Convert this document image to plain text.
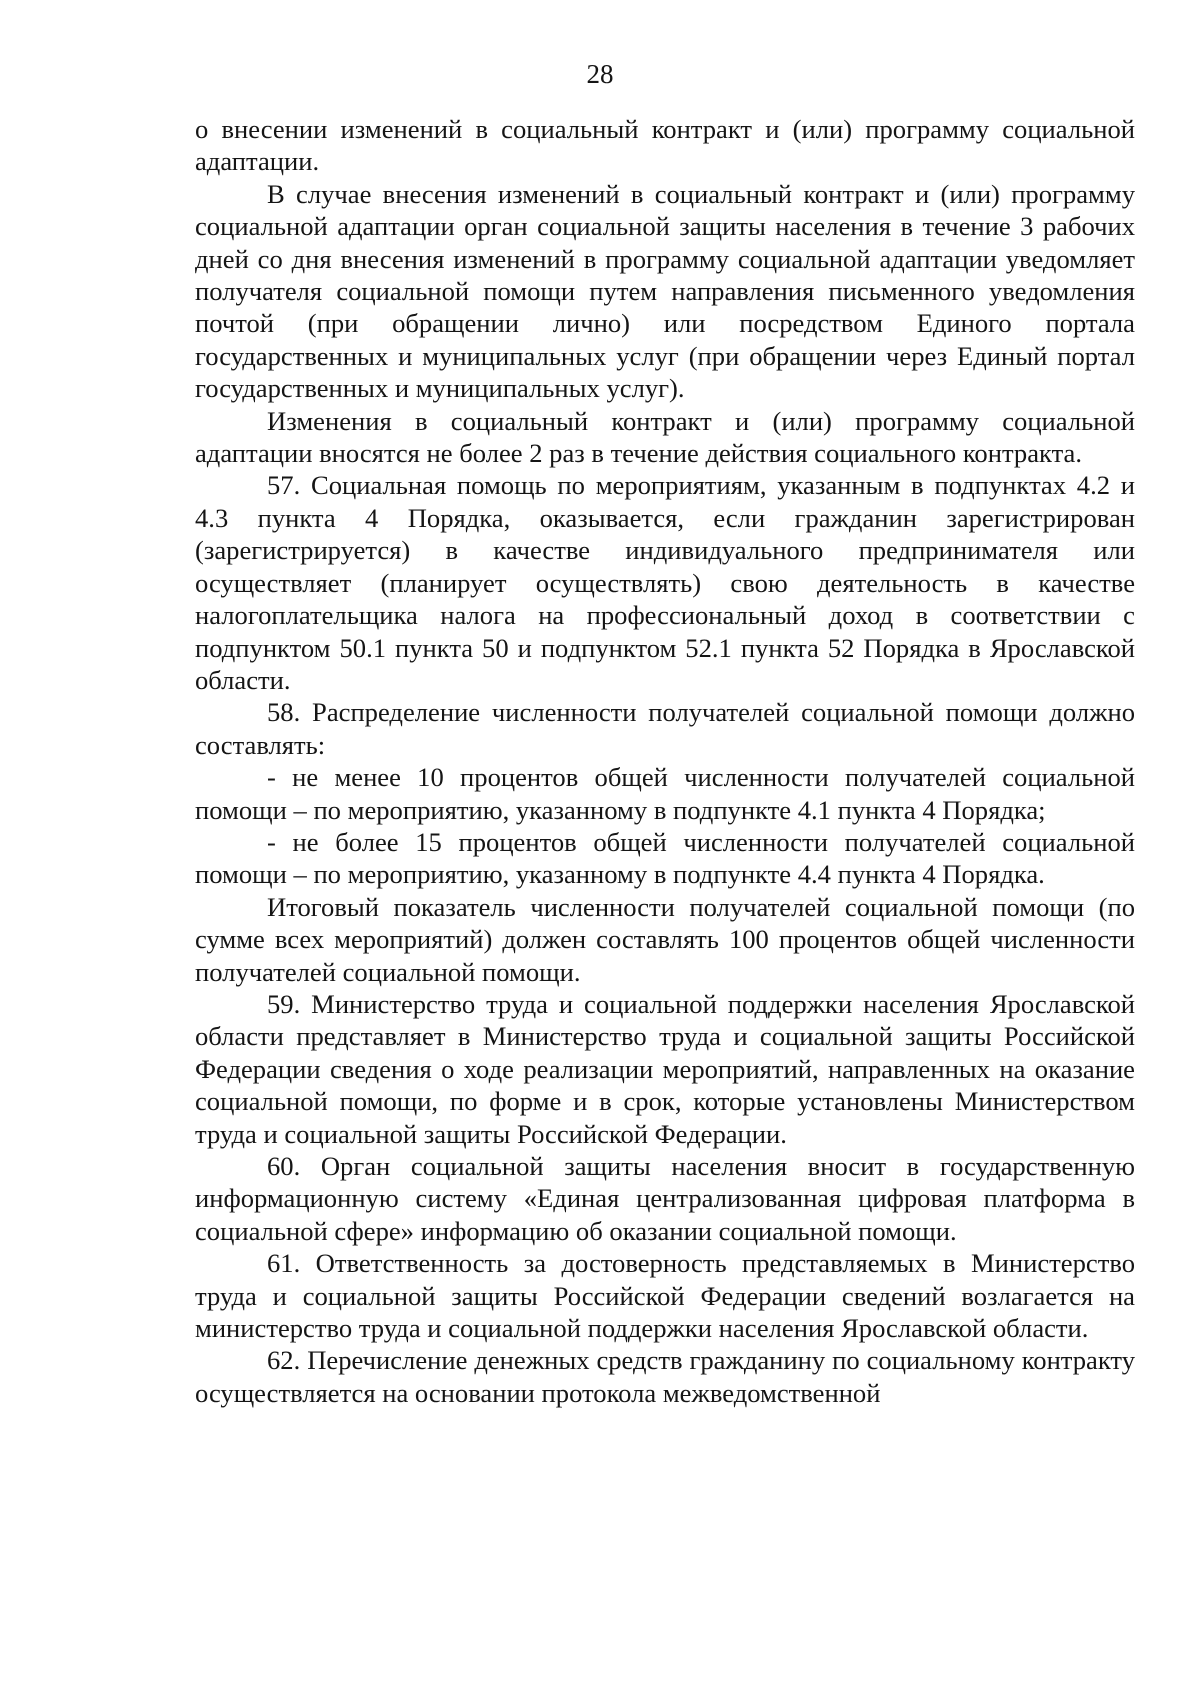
28

о внесении изменений в социальный контракт и (или) программу социальной адаптации.

В случае внесения изменений в социальный контракт и (или) программу социальной адаптации орган социальной защиты населения в течение 3 рабочих дней со дня внесения изменений в программу социальной адаптации уведомляет получателя социальной помощи путем направления письменного уведомления почтой (при обращении лично) или посредством Единого портала государственных и муниципальных услуг (при обращении через Единый портал государственных и муниципальных услуг).

Изменения в социальный контракт и (или) программу социальной адаптации вносятся не более 2 раз в течение действия социального контракта.

57. Социальная помощь по мероприятиям, указанным в подпунктах 4.2 и 4.3 пункта 4 Порядка, оказывается, если гражданин зарегистрирован (зарегистрируется) в качестве индивидуального предпринимателя или осуществляет (планирует осуществлять) свою деятельность в качестве налогоплательщика налога на профессиональный доход в соответствии с подпунктом 50.1 пункта 50 и подпунктом 52.1 пункта 52 Порядка в Ярославской области.

58. Распределение численности получателей социальной помощи должно составлять:

- не менее 10 процентов общей численности получателей социальной помощи – по мероприятию, указанному в подпункте 4.1 пункта 4 Порядка;

- не более 15 процентов общей численности получателей социальной помощи – по мероприятию, указанному в подпункте 4.4 пункта 4 Порядка.

Итоговый показатель численности получателей социальной помощи (по сумме всех мероприятий) должен составлять 100 процентов общей численности получателей социальной помощи.

59. Министерство труда и социальной поддержки населения Ярославской области представляет в Министерство труда и социальной защиты Российской Федерации сведения о ходе реализации мероприятий, направленных на оказание социальной помощи, по форме и в срок, которые установлены Министерством труда и социальной защиты Российской Федерации.

60. Орган социальной защиты населения вносит в государственную информационную систему «Единая централизованная цифровая платформа в социальной сфере» информацию об оказании социальной помощи.

61. Ответственность за достоверность представляемых в Министерство труда и социальной защиты Российской Федерации сведений возлагается на министерство труда и социальной поддержки населения Ярославской области.

62. Перечисление денежных средств гражданину по социальному контракту осуществляется на основании протокола межведомственной
